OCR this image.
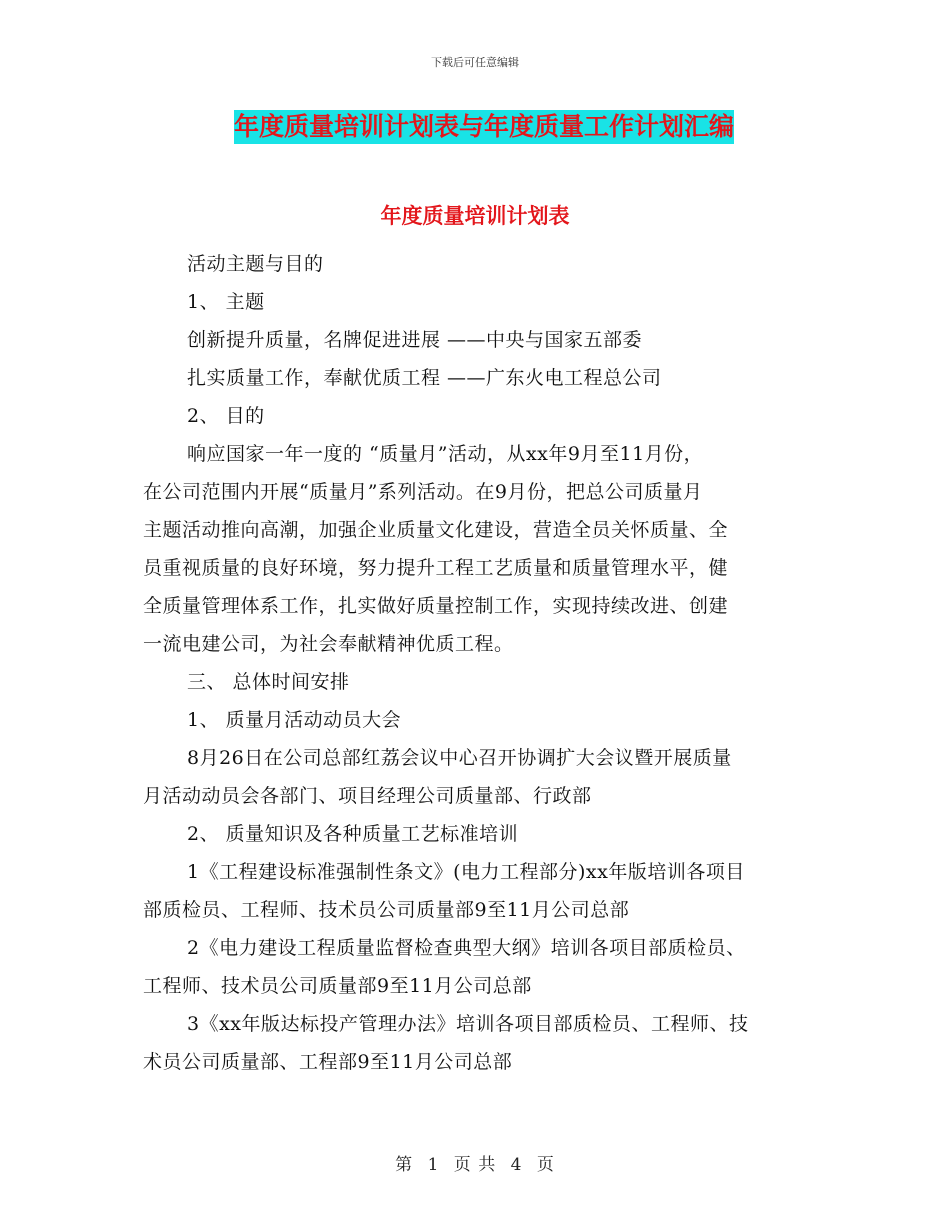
下载后可任意编辑
年度质量培训计划表与年度质量工作计划汇编
年度质量培训计划表
活动主题与目的
1、 主题
创新提升质量，名牌促进进展 ——中央与国家五部委
扎实质量工作，奉献优质工程 ——广东火电工程总公司
2、 目的
响应国家一年一度的 “质量月”活动，从xx年9月至11月份，
在公司范围内开展“质量月”系列活动。在9月份，把总公司质量月
主题活动推向高潮，加强企业质量文化建设，营造全员关怀质量、全
员重视质量的良好环境，努力提升工程工艺质量和质量管理水平，健
全质量管理体系工作，扎实做好质量控制工作，实现持续改进、创建
一流电建公司，为社会奉献精神优质工程。
三、 总体时间安排
1、 质量月活动动员大会
8月26日在公司总部红荔会议中心召开协调扩大会议暨开展质量
月活动动员会各部门、项目经理公司质量部、行政部
2、 质量知识及各种质量工艺标准培训
1《工程建设标准强制性条文》(电力工程部分)xx年版培训各项目
部质检员、工程师、技术员公司质量部9至11月公司总部
2《电力建设工程质量监督检查典型大纲》培训各项目部质检员、
工程师、技术员公司质量部9至11月公司总部
3《xx年版达标投产管理办法》培训各项目部质检员、工程师、技
术员公司质量部、工程部9至11月公司总部
第 1 页 共 4 页
